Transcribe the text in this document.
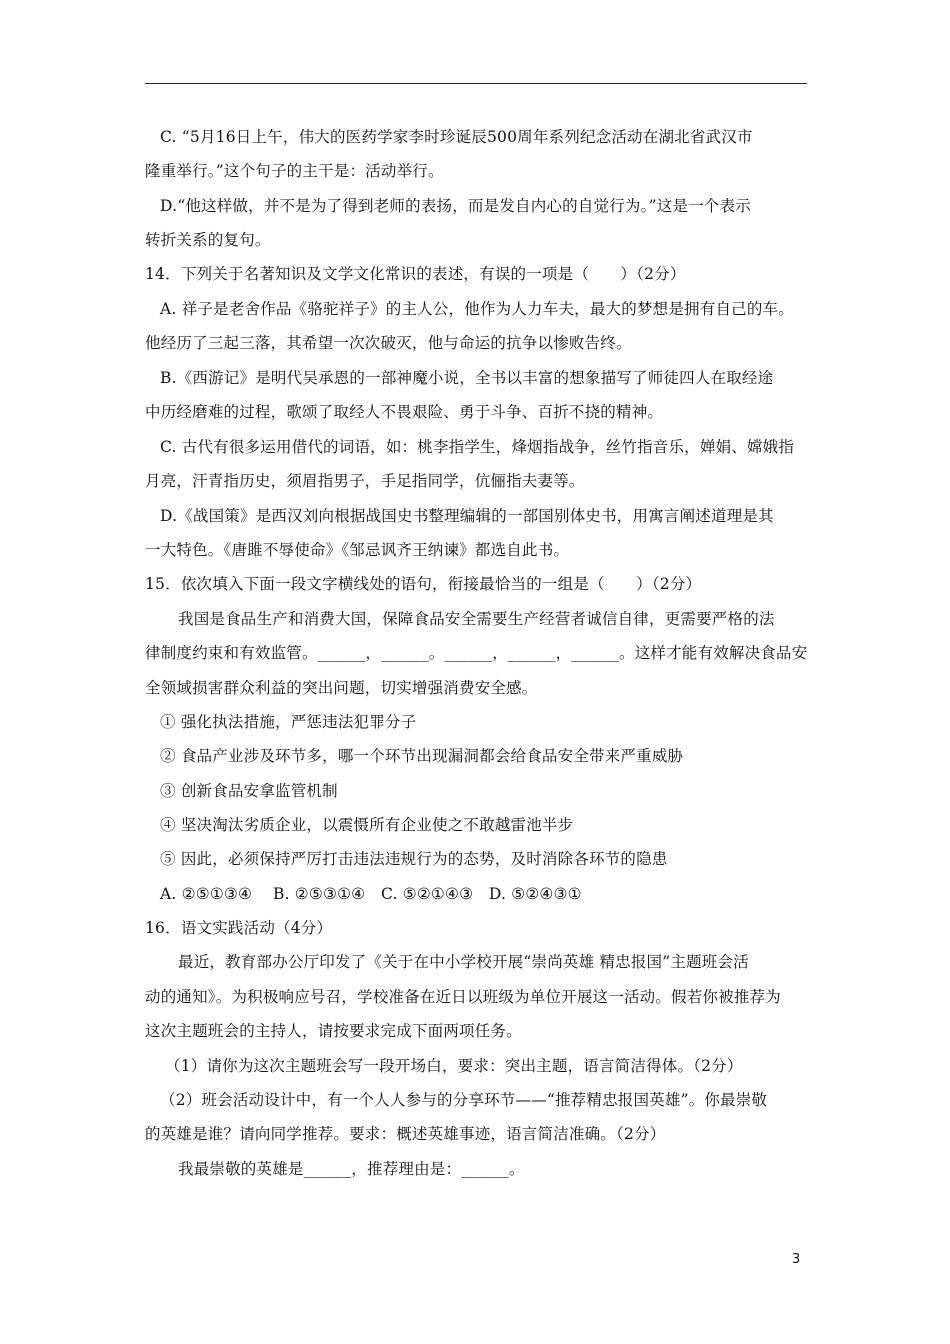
C. “5月16日上午，伟大的医药学家李时珍诞辰500周年系列纪念活动在湖北省武汉市
隆重举行。”这个句子的主干是：活动举行。
D.“他这样做，并不是为了得到老师的表扬，而是发自内心的自觉行为。”这是一个表示
转折关系的复句。
14．下列关于名著知识及文学文化常识的表述，有误的一项是（　　）（2分）
A. 祥子是老舍作品《骆驼祥子》的主人公，他作为人力车夫，最大的梦想是拥有自己的车。
他经历了三起三落，其希望一次次破灭，他与命运的抗争以惨败告终。
B.《西游记》是明代吴承恩的一部神魔小说，全书以丰富的想象描写了师徒四人在取经途
中历经磨难的过程，歌颂了取经人不畏艰险、勇于斗争、百折不挠的精神。
C. 古代有很多运用借代的词语，如：桃李指学生，烽烟指战争，丝竹指音乐，婵娟、嫦娥指
月亮，汗青指历史，须眉指男子，手足指同学，伉俪指夫妻等。
D.《战国策》是西汉刘向根据战国史书整理编辑的一部国别体史书，用寓言阐述道理是其
一大特色。《唐雎不辱使命》《邹忌讽齐王纳谏》都选自此书。
15．依次填入下面一段文字横线处的语句，衔接最恰当的一组是（　　）（2分）
我国是食品生产和消费大国，保障食品安全需要生产经营者诚信自律，更需要严格的法
律制度约束和有效监管。______，______。______，______，______。这样才能有效解决食品安
全领域损害群众利益的突出问题，切实增强消费安全感。
① 强化执法措施，严惩违法犯罪分子
② 食品产业涉及环节多，哪一个环节出现漏洞都会给食品安全带来严重威胁
③ 创新食品安拿监管机制
④ 坚决淘汰劣质企业，以震慑所有企业使之不敢越雷池半步
⑤ 因此，必须保持严厉打击违法违规行为的态势，及时消除各环节的隐患
A. ②⑤①③④　 B. ②⑤③①④　C. ⑤②①④③　D. ⑤②④③①
16．语文实践活动（4分）
最近，教育部办公厅印发了《关于在中小学校开展“崇尚英雄 精忠报国”主题班会活
动的通知》。为积极响应号召，学校准备在近日以班级为单位开展这一活动。假若你被推荐为
这次主题班会的主持人，请按要求完成下面两项任务。
（1）请你为这次主题班会写一段开场白，要求：突出主题，语言简洁得体。（2分）
（2）班会活动设计中，有一个人人参与的分享环节——“推荐精忠报国英雄”。你最崇敬
的英雄是谁？请向同学推荐。要求：概述英雄事迹，语言简洁准确。（2分）
我最崇敬的英雄是______，推荐理由是：______。
3
